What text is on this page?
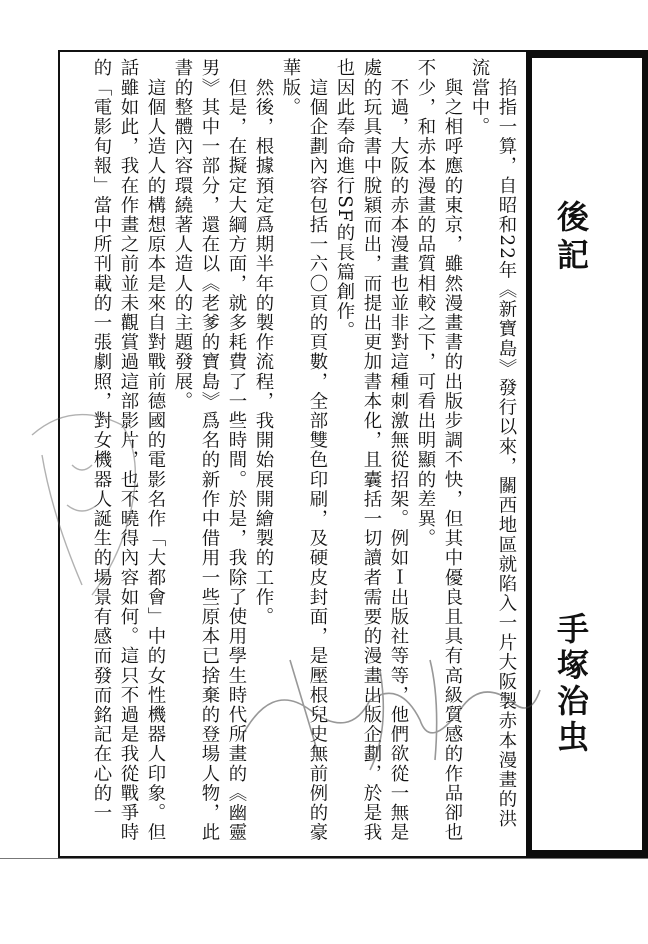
後記
手塚治虫

　掐指一算，自昭和22年《新寶島》發行以來，關西地區就陷入一片大阪製赤本漫畫的洪流當中。

　與之相呼應的東京，雖然漫畫書的出版步調不快，但其中優良且具有高級質感的作品卻也不少，和赤本漫畫的品質相較之下，可看出明顯的差異。

　不過，大阪的赤本漫畫也並非對這種刺激無從招架。例如Ｉ出版社等等，他們欲從一無是處的玩具書中脫穎而出，而提出更加書本化，且囊括一切讀者需要的漫畫出版企劃，於是我也因此奉命進行SF的長篇創作。

　這個企劃內容包括一六〇頁的頁數，全部雙色印刷，及硬皮封面，是壓根兒史無前例的豪華版。

　然後，根據預定爲期半年的製作流程，我開始展開繪製的工作。

　但是，在擬定大綱方面，就多耗費了一些時間。於是，我除了使用學生時代所畫的《幽靈男》其中一部分，還在以《老爹的寶島》爲名的新作中借用一些原本已捨棄的登場人物，此書的整體內容環繞著人造人的主題發展。

　這個人造人的構想原本是來自對戰前德國的電影名作「大都會」中的女性機器人印象。但話雖如此，我在作畫之前並未觀賞過這部影片，也不曉得內容如何。這只不過是我從戰爭時的「電影旬報」當中所刊載的一張劇照，對女機器人誕生的場景有感而發而銘記在心的一
